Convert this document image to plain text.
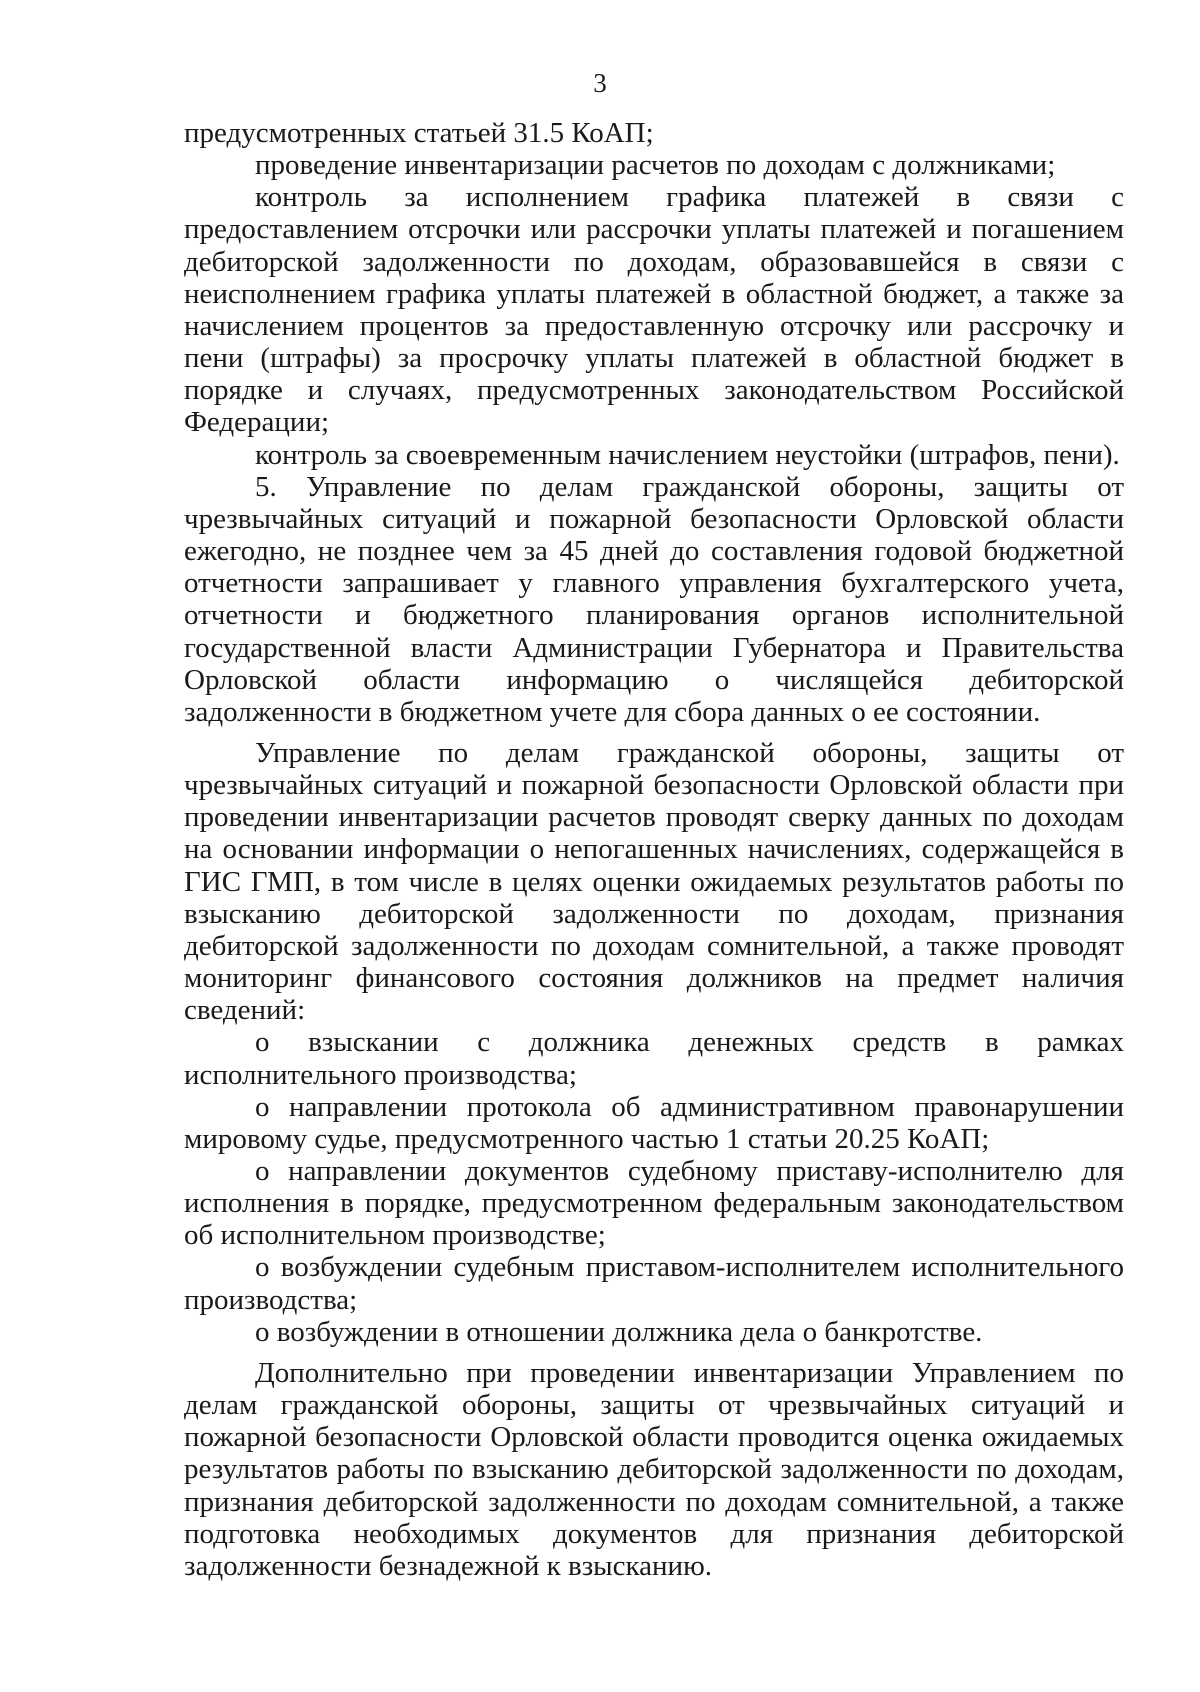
3

предусмотренных статьей 31.5 КоАП;

проведение инвентаризации расчетов по доходам с должниками;

контроль за исполнением графика платежей в связи с предоставлением отсрочки или рассрочки уплаты платежей и погашением дебиторской задолженности по доходам, образовавшейся в связи с неисполнением графика уплаты платежей в областной бюджет, а также за начислением процентов за предоставленную отсрочку или рассрочку и пени (штрафы) за просрочку уплаты платежей в областной бюджет в порядке и случаях, предусмотренных законодательством Российской Федерации;

контроль за своевременным начислением неустойки (штрафов, пени).

5. Управление по делам гражданской обороны, защиты от чрезвычайных ситуаций и пожарной безопасности Орловской области ежегодно, не позднее чем за 45 дней до составления годовой бюджетной отчетности запрашивает у главного управления бухгалтерского учета, отчетности и бюджетного планирования органов исполнительной государственной власти Администрации Губернатора и Правительства Орловской области информацию о числящейся дебиторской задолженности в бюджетном учете для сбора данных о ее состоянии.

Управление по делам гражданской обороны, защиты от чрезвычайных ситуаций и пожарной безопасности Орловской области при проведении инвентаризации расчетов проводят сверку данных по доходам на основании информации о непогашенных начислениях, содержащейся в ГИС ГМП, в том числе в целях оценки ожидаемых результатов работы по взысканию дебиторской задолженности по доходам, признания дебиторской задолженности по доходам сомнительной, а также проводят мониторинг финансового состояния должников на предмет наличия сведений:

о взыскании с должника денежных средств в рамках исполнительного производства;

о направлении протокола об административном правонарушении мировому судье, предусмотренного частью 1 статьи 20.25 КоАП;

о направлении документов судебному приставу-исполнителю для исполнения в порядке, предусмотренном федеральным законодательством об исполнительном производстве;

о возбуждении судебным приставом-исполнителем исполнительного производства;

о возбуждении в отношении должника дела о банкротстве.

Дополнительно при проведении инвентаризации Управлением по делам гражданской обороны, защиты от чрезвычайных ситуаций и пожарной безопасности Орловской области проводится оценка ожидаемых результатов работы по взысканию дебиторской задолженности по доходам, признания дебиторской задолженности по доходам сомнительной, а также подготовка необходимых документов для признания дебиторской задолженности безнадежной к взысканию.
